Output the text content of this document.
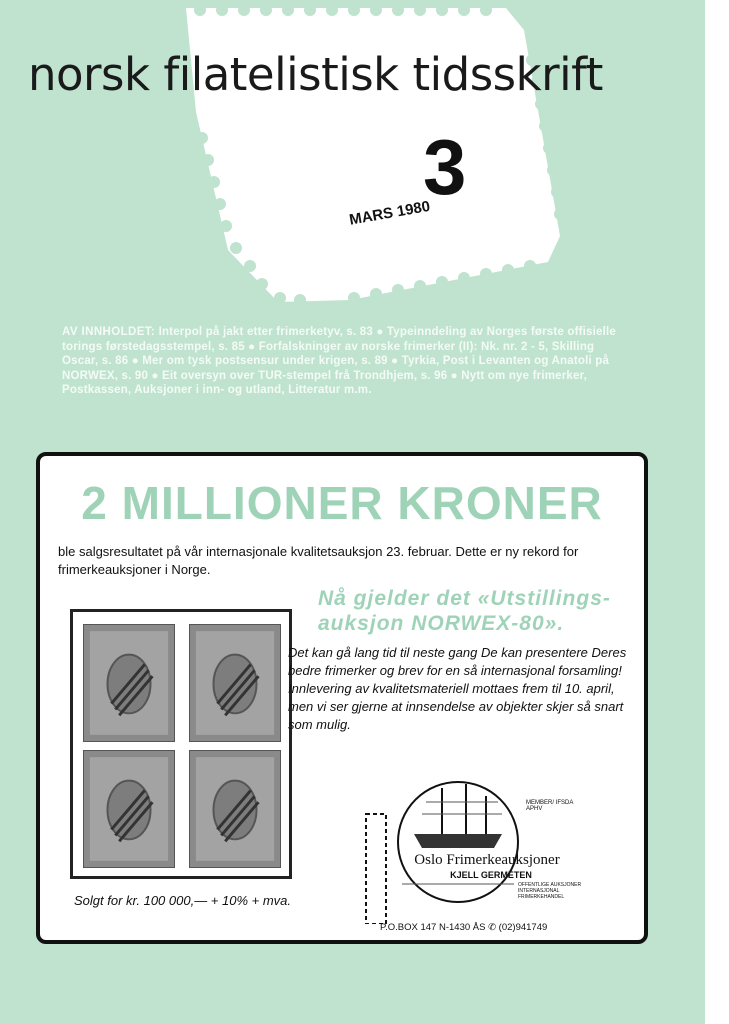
norsk filatelistisk tidsskrift
3
MARS 1980
AV INNHOLDET: Interpol på jakt etter frimerketyv, s. 83 ● Typeinndeling av Norges første offisielle torings førstedagsstempel, s. 85 ● Forfalskninger av norske frimerker (II): Nk. nr. 2 - 5, Skilling Oscar, s. 86 ● Mer om tysk postsensur under krigen, s. 89 ● Tyrkia, Post i Levanten og Anatoli på NORWEX, s. 90 ● Eit oversyn over TUR-stempel frå Trondhjem, s. 96 ● Nytt om nye frimerker, Postkassen, Auksjoner i inn- og utland, Litteratur m.m.
2 MILLIONER KRONER
ble salgsresultatet på vår internasjonale kvalitetsauksjon 23. februar. Dette er ny rekord for frimerkeauksjoner i Norge.
Solgt for kr. 100 000,— + 10% + mva.
Nå gjelder det «Utstillings-auksjon NORWEX-80».
Det kan gå lang tid til neste gang De kan presentere Deres bedre frimerker og brev for en så internasjonal forsamling! Innlevering av kvalitetsmateriell mottaes frem til 10. april, men vi ser gjerne at innsendelse av objekter skjer så snart som mulig.
Oslo Frimerkeauksjoner
KJELL GERMETEN
MEMBER/ IFSDA APHV
OFFENTLIGE AUKSJONER INTERNASJONAL FRIMERKEHANDEL
P.O.BOX 147 N-1430 ÅS ✆ (02)941749
